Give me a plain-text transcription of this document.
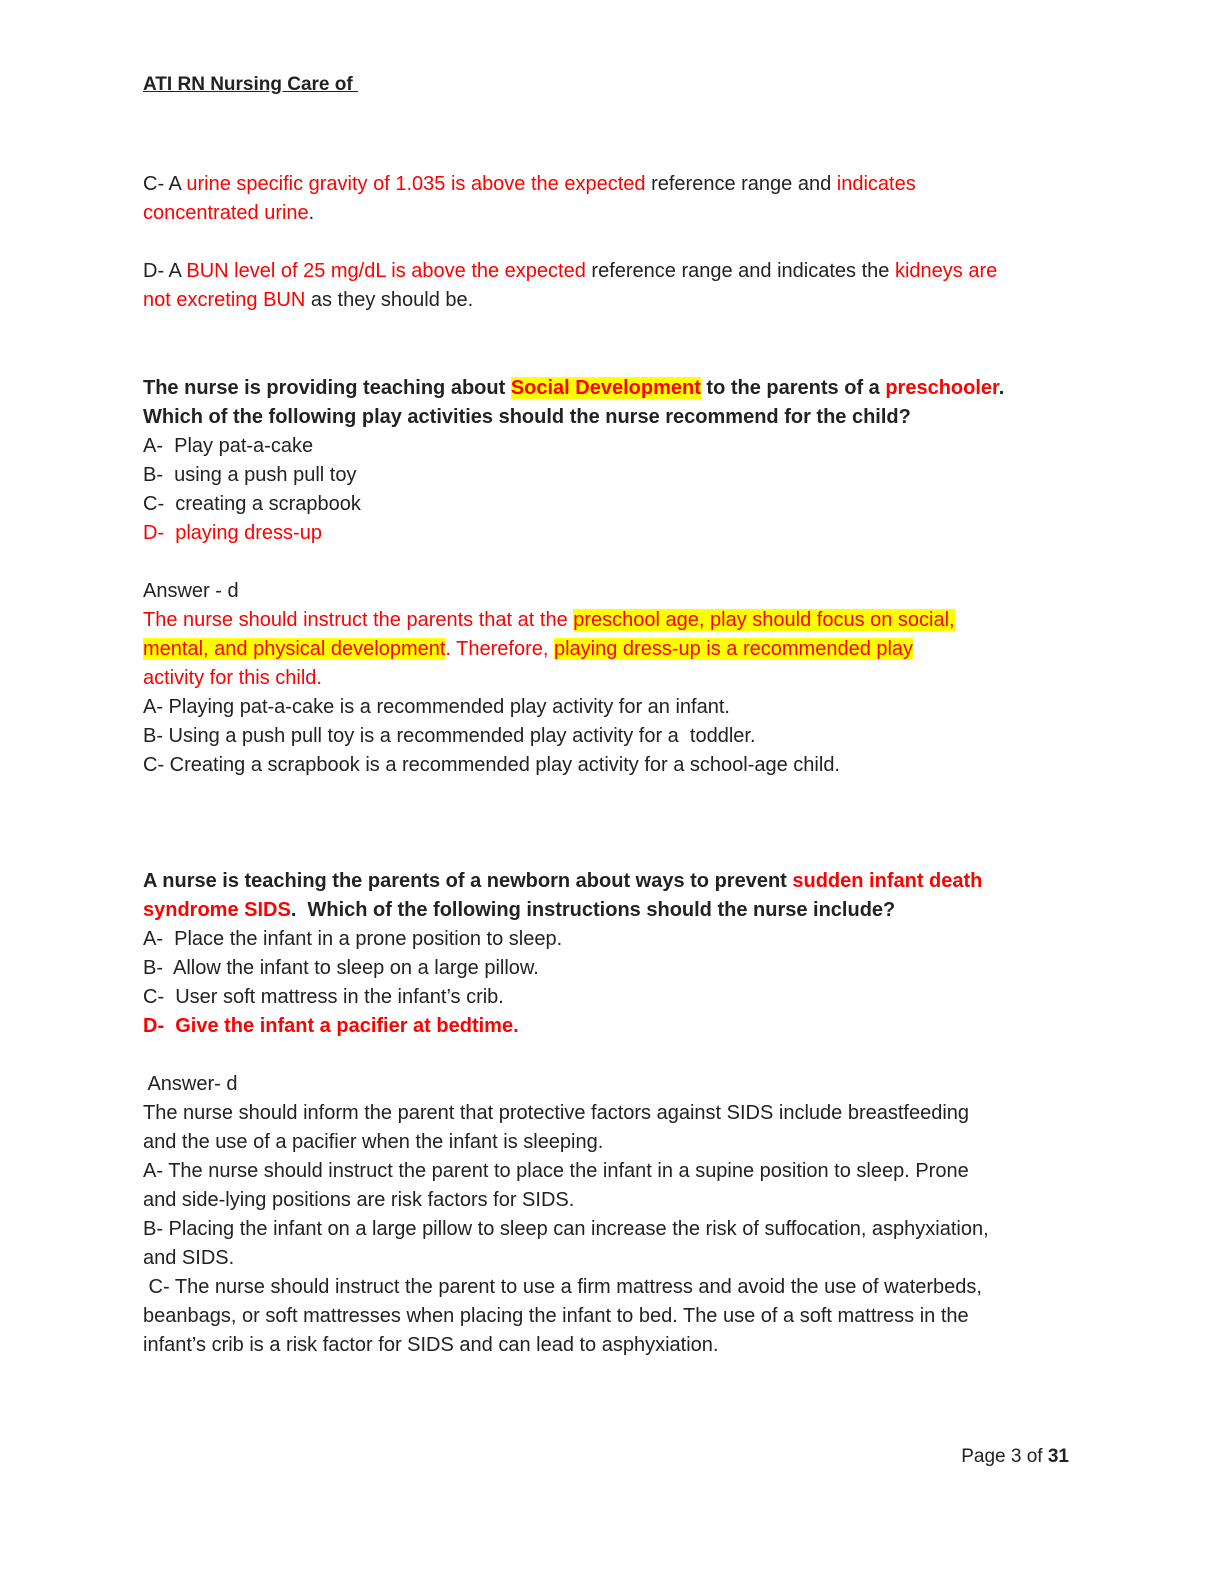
ATI RN Nursing Care of
C- A urine specific gravity of 1.035 is above the expected reference range and indicates
concentrated urine.
D- A BUN level of 25 mg/dL is above the expected reference range and indicates the kidneys are
not excreting BUN as they should be.
The nurse is providing teaching about Social Development to the parents of a preschooler.
Which of the following play activities should the nurse recommend for the child?
A-  Play pat-a-cake
B-  using a push pull toy
C-  creating a scrapbook
D-  playing dress-up
Answer - d
The nurse should instruct the parents that at the preschool age, play should focus on social,
mental, and physical development. Therefore, playing dress-up is a recommended play
activity for this child.
A- Playing pat-a-cake is a recommended play activity for an infant.
B- Using a push pull toy is a recommended play activity for a  toddler.
C- Creating a scrapbook is a recommended play activity for a school-age child.
A nurse is teaching the parents of a newborn about ways to prevent sudden infant death
syndrome SIDS.  Which of the following instructions should the nurse include?
A-  Place the infant in a prone position to sleep.
B-  Allow the infant to sleep on a large pillow.
C-  User soft mattress in the infant’s crib.
D-  Give the infant a pacifier at bedtime.
Answer- d
The nurse should inform the parent that protective factors against SIDS include breastfeeding
and the use of a pacifier when the infant is sleeping.
A- The nurse should instruct the parent to place the infant in a supine position to sleep. Prone
and side-lying positions are risk factors for SIDS.
B- Placing the infant on a large pillow to sleep can increase the risk of suffocation, asphyxiation,
and SIDS.
C- The nurse should instruct the parent to use a firm mattress and avoid the use of waterbeds,
beanbags, or soft mattresses when placing the infant to bed. The use of a soft mattress in the
infant’s crib is a risk factor for SIDS and can lead to asphyxiation.
Page 3 of 31
